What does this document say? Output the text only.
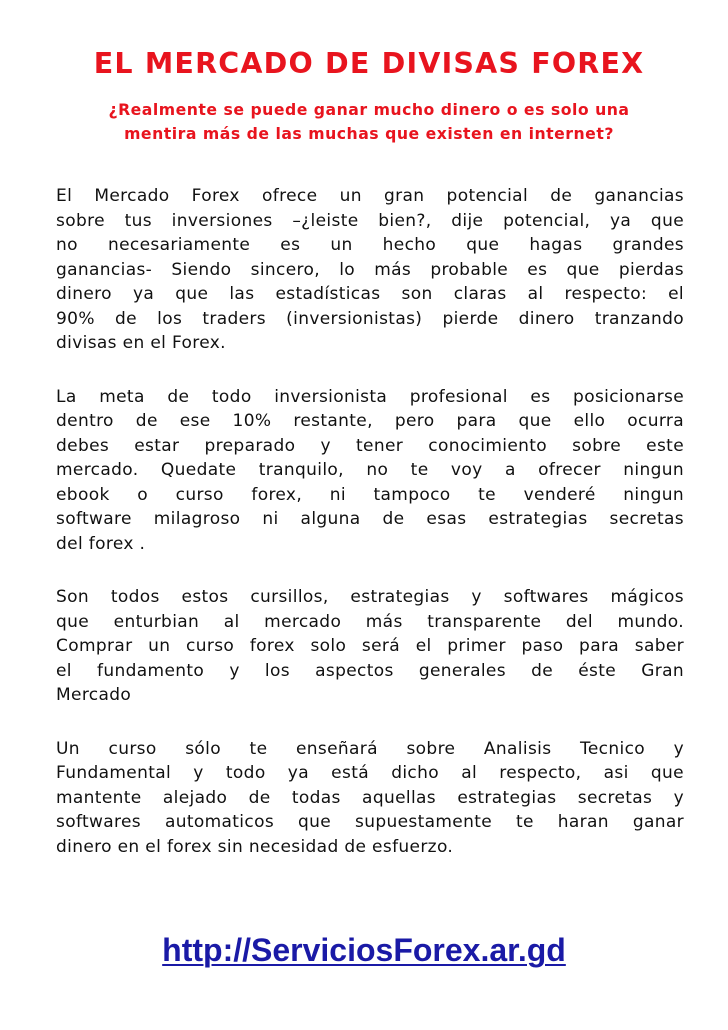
EL MERCADO DE DIVISAS FOREX
¿Realmente se puede ganar mucho dinero o es solo una
mentira más de las muchas que existen en internet?

El Mercado Forex ofrece un gran potencial de ganancias
sobre tus inversiones –¿leiste bien?, dije potencial, ya que
no necesariamente es un hecho que hagas grandes
ganancias- Siendo sincero, lo más probable es que pierdas
dinero ya que las estadísticas son claras al respecto: el
90% de los traders (inversionistas) pierde dinero tranzando
divisas en el Forex.

La meta de todo inversionista profesional es posicionarse
dentro de ese 10% restante, pero para que ello ocurra
debes estar preparado y tener conocimiento sobre este
mercado. Quedate tranquilo, no te voy a ofrecer ningun
ebook o curso forex, ni tampoco te venderé ningun
software milagroso ni alguna de esas estrategias secretas
del forex .

Son todos estos cursillos, estrategias y softwares mágicos
que enturbian al mercado más transparente del mundo.
Comprar un curso forex solo será el primer paso para saber
el fundamento y los aspectos generales de éste Gran
Mercado

Un curso sólo te enseñará sobre Analisis Tecnico y
Fundamental y todo ya está dicho al respecto, asi que
mantente alejado de todas aquellas estrategias secretas y
softwares automaticos que supuestamente te haran ganar
dinero en el forex sin necesidad de esfuerzo.

http://ServiciosForex.ar.gd
